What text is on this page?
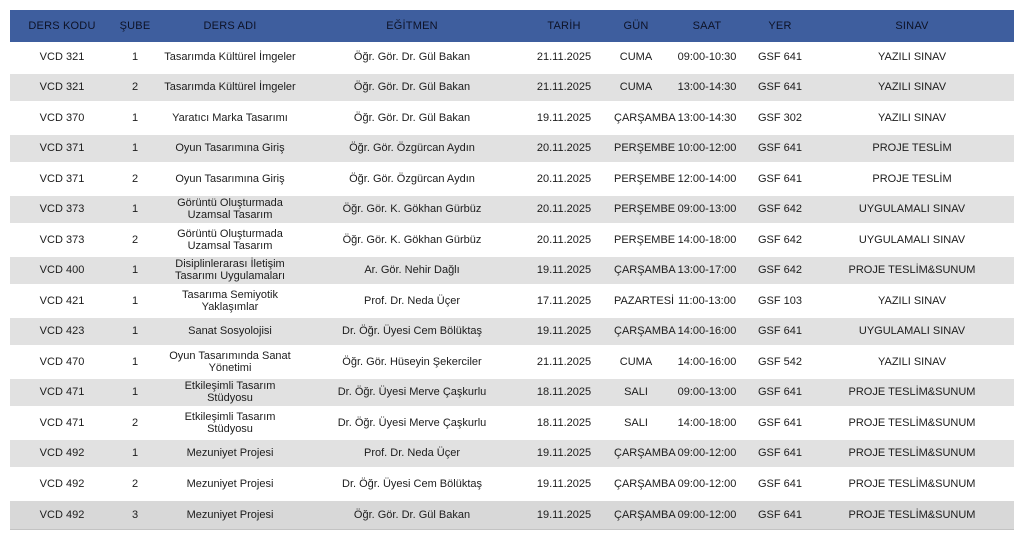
DERS KODU	ŞUBE	DERS ADI	EĞİTMEN	TARİH	GÜN	SAAT	YER	SINAV
VCD 321	1	Tasarımda Kültürel İmgeler	Öğr. Gör. Dr. Gül Bakan	21.11.2025	CUMA	09:00-10:30	GSF 641	YAZILI SINAV
VCD 321	2	Tasarımda Kültürel İmgeler	Öğr. Gör. Dr. Gül Bakan	21.11.2025	CUMA	13:00-14:30	GSF 641	YAZILI SINAV
VCD 370	1	Yaratıcı Marka Tasarımı	Öğr. Gör. Dr. Gül Bakan	19.11.2025	ÇARŞAMBA	13:00-14:30	GSF 302	YAZILI SINAV
VCD 371	1	Oyun Tasarımına Giriş	Öğr. Gör. Özgürcan Aydın	20.11.2025	PERŞEMBE	10:00-12:00	GSF 641	PROJE TESLİM
VCD 371	2	Oyun Tasarımına Giriş	Öğr. Gör. Özgürcan Aydın	20.11.2025	PERŞEMBE	12:00-14:00	GSF 641	PROJE TESLİM
VCD 373	1	Görüntü Oluşturmada Uzamsal Tasarım	Öğr. Gör. K. Gökhan Gürbüz	20.11.2025	PERŞEMBE	09:00-13:00	GSF 642	UYGULAMALI SINAV
VCD 373	2	Görüntü Oluşturmada Uzamsal Tasarım	Öğr. Gör. K. Gökhan Gürbüz	20.11.2025	PERŞEMBE	14:00-18:00	GSF 642	UYGULAMALI SINAV
VCD 400	1	Disiplinlerarası İletişim Tasarımı Uygulamaları	Ar. Gör. Nehir Dağlı	19.11.2025	ÇARŞAMBA	13:00-17:00	GSF 642	PROJE TESLİM&SUNUM
VCD 421	1	Tasarıma Semiyotik Yaklaşımlar	Prof. Dr. Neda Üçer	17.11.2025	PAZARTESİ	11:00-13:00	GSF 103	YAZILI SINAV
VCD 423	1	Sanat Sosyolojisi	Dr. Öğr. Üyesi Cem Bölüktaş	19.11.2025	ÇARŞAMBA	14:00-16:00	GSF 641	UYGULAMALI SINAV
VCD 470	1	Oyun Tasarımında Sanat Yönetimi	Öğr. Gör. Hüseyin Şekerciler	21.11.2025	CUMA	14:00-16:00	GSF 542	YAZILI SINAV
VCD 471	1	Etkileşimli Tasarım Stüdyosu	Dr. Öğr. Üyesi Merve Çaşkurlu	18.11.2025	SALI	09:00-13:00	GSF 641	PROJE TESLİM&SUNUM
VCD 471	2	Etkileşimli Tasarım Stüdyosu	Dr. Öğr. Üyesi Merve Çaşkurlu	18.11.2025	SALI	14:00-18:00	GSF 641	PROJE TESLİM&SUNUM
VCD 492	1	Mezuniyet Projesi	Prof. Dr. Neda Üçer	19.11.2025	ÇARŞAMBA	09:00-12:00	GSF 641	PROJE TESLİM&SUNUM
VCD 492	2	Mezuniyet Projesi	Dr. Öğr. Üyesi Cem Bölüktaş	19.11.2025	ÇARŞAMBA	09:00-12:00	GSF 641	PROJE TESLİM&SUNUM
VCD 492	3	Mezuniyet Projesi	Öğr. Gör. Dr. Gül Bakan	19.11.2025	ÇARŞAMBA	09:00-12:00	GSF 641	PROJE TESLİM&SUNUM
